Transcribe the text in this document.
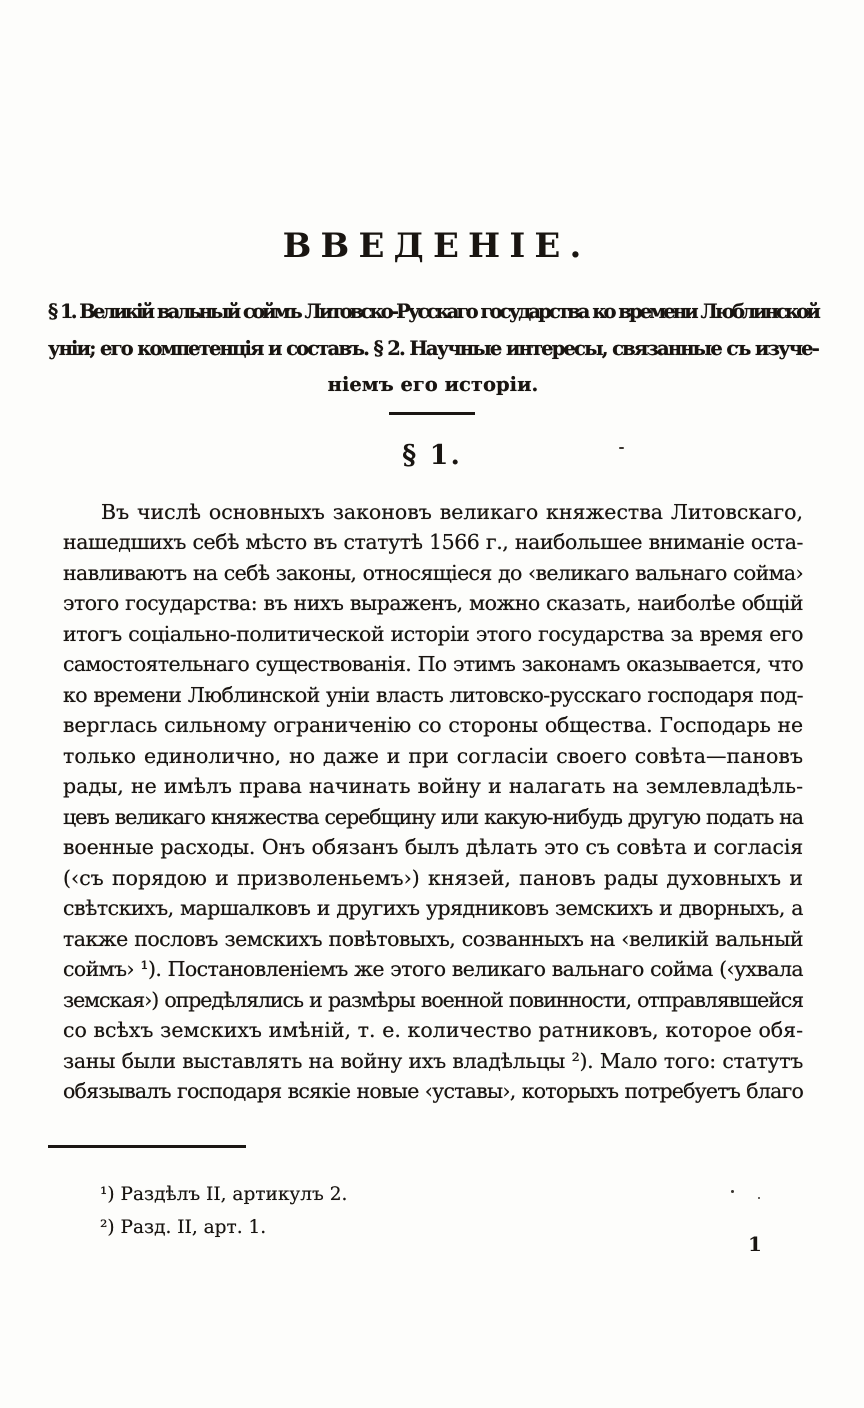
ВВЕДЕНІЕ.
§ 1. Великій вальный соймъ Литовско-Русскаго государства ко времени Люблинской
уніи; его компетенція и составъ. § 2. Научные интересы, связанные съ изуче-
ніемъ его исторіи.
§ 1.
Въ числѣ основныхъ законовъ великаго княжества Литовскаго,
нашедшихъ себѣ мѣсто въ статутѣ 1566 г., наибольшее вниманіе оста-
навливаютъ на себѣ законы, относящіеся до ‹великаго вальнаго сойма›
этого государства: въ нихъ выраженъ, можно сказать, наиболѣе общій
итогъ соціально-политической исторіи этого государства за время его
самостоятельнаго существованія. По этимъ законамъ оказывается, что
ко времени Люблинской уніи власть литовско-русскаго господаря под-
верглась сильному ограниченію со стороны общества. Господарь не
только единолично, но даже и при согласіи своего совѣта—пановъ
рады, не имѣлъ права начинать войну и налагать на землевладѣль-
цевъ великаго княжества серебщину или какую-нибудь другую подать на
военные расходы. Онъ обязанъ былъ дѣлать это съ совѣта и согласія
(‹съ порядою и призволеньемъ›) князей, пановъ рады духовныхъ и
свѣтскихъ, маршалковъ и другихъ урядниковъ земскихъ и дворныхъ, а
также пословъ земскихъ повѣтовыхъ, созванныхъ на ‹великій вальный
соймъ› ¹). Постановленіемъ же этого великаго вальнаго сойма (‹ухвала
земская›) опредѣлялись и размѣры военной повинности, отправлявшейся
со всѣхъ земскихъ имѣній, т. е. количество ратниковъ, которое обя-
заны были выставлять на войну ихъ владѣльцы ²). Мало того: статутъ
обязывалъ господаря всякіе новые ‹уставы›, которыхъ потребуетъ благо
¹) Раздѣлъ II, артикулъ 2.
²) Разд. II, арт. 1.
1
